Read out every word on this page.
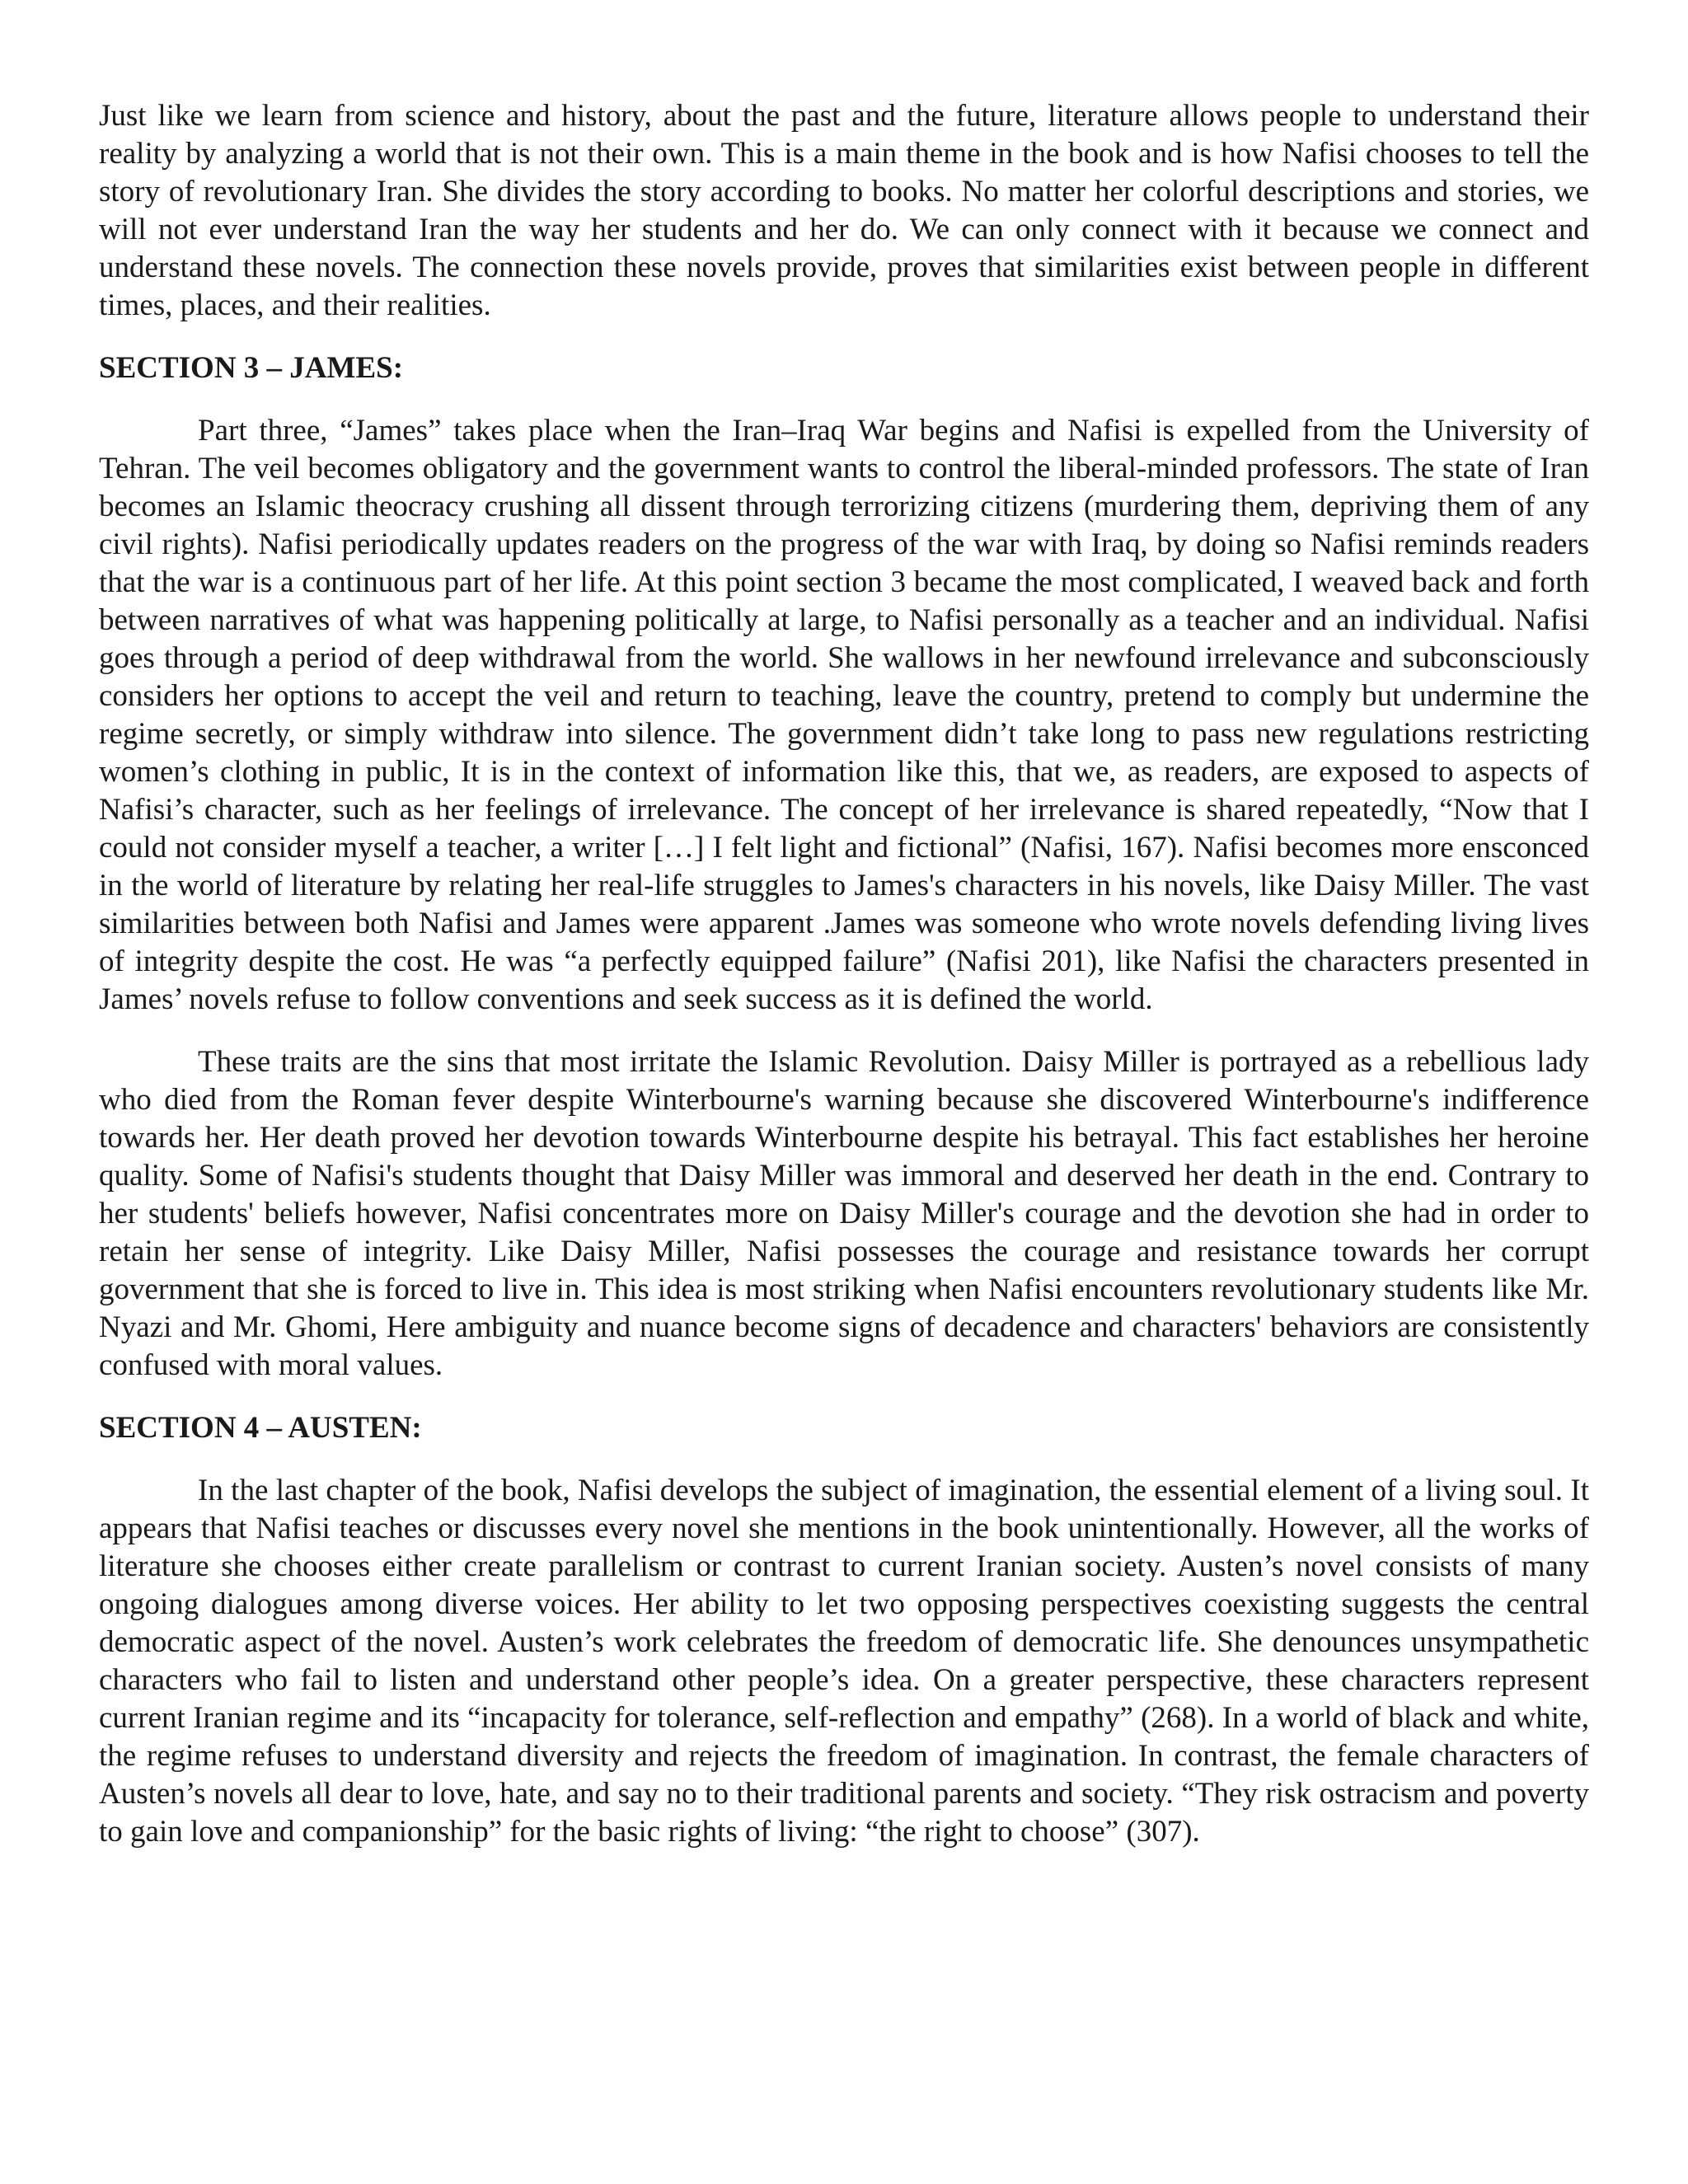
Just like we learn from science and history, about the past and the future, literature allows people to understand their reality by analyzing a world that is not their own. This is a main theme in the book and is how Nafisi chooses to tell the story of revolutionary Iran. She divides the story according to books. No matter her colorful descriptions and stories, we will not ever understand Iran the way her students and her do. We can only connect with it because we connect and understand these novels. The connection these novels provide, proves that similarities exist between people in different times, places, and their realities.

SECTION 3 – JAMES:

Part three, “James” takes place when the Iran–Iraq War begins and Nafisi is expelled from the University of Tehran. The veil becomes obligatory and the government wants to control the liberal-minded professors. The state of Iran becomes an Islamic theocracy crushing all dissent through terrorizing citizens (murdering them, depriving them of any civil rights). Nafisi periodically updates readers on the progress of the war with Iraq, by doing so Nafisi reminds readers that the war is a continuous part of her life. At this point section 3 became the most complicated, I weaved back and forth between narratives of what was happening politically at large, to Nafisi personally as a teacher and an individual. Nafisi goes through a period of deep withdrawal from the world. She wallows in her newfound irrelevance and subconsciously considers her options to accept the veil and return to teaching, leave the country, pretend to comply but undermine the regime secretly, or simply withdraw into silence. The government didn’t take long to pass new regulations restricting women’s clothing in public, It is in the context of information like this, that we, as readers, are exposed to aspects of Nafisi’s character, such as her feelings of irrelevance. The concept of her irrelevance is shared repeatedly, “Now that I could not consider myself a teacher, a writer […] I felt light and fictional” (Nafisi, 167). Nafisi becomes more ensconced in the world of literature by relating her real-life struggles to James's characters in his novels, like Daisy Miller. The vast similarities between both Nafisi and James were apparent .James was someone who wrote novels defending living lives of integrity despite the cost. He was “a perfectly equipped failure” (Nafisi 201), like Nafisi the characters presented in James’ novels refuse to follow conventions and seek success as it is defined the world.

These traits are the sins that most irritate the Islamic Revolution. Daisy Miller is portrayed as a rebellious lady who died from the Roman fever despite Winterbourne's warning because she discovered Winterbourne's indifference towards her. Her death proved her devotion towards Winterbourne despite his betrayal. This fact establishes her heroine quality. Some of Nafisi's students thought that Daisy Miller was immoral and deserved her death in the end. Contrary to her students' beliefs however, Nafisi concentrates more on Daisy Miller's courage and the devotion she had in order to retain her sense of integrity. Like Daisy Miller, Nafisi possesses the courage and resistance towards her corrupt government that she is forced to live in. This idea is most striking when Nafisi encounters revolutionary students like Mr. Nyazi and Mr. Ghomi, Here ambiguity and nuance become signs of decadence and characters' behaviors are consistently confused with moral values.

SECTION 4 – AUSTEN:

In the last chapter of the book, Nafisi develops the subject of imagination, the essential element of a living soul. It appears that Nafisi teaches or discusses every novel she mentions in the book unintentionally. However, all the works of literature she chooses either create parallelism or contrast to current Iranian society. Austen’s novel consists of many ongoing dialogues among diverse voices. Her ability to let two opposing perspectives coexisting suggests the central democratic aspect of the novel. Austen’s work celebrates the freedom of democratic life. She denounces unsympathetic characters who fail to listen and understand other people’s idea. On a greater perspective, these characters represent current Iranian regime and its “incapacity for tolerance, self-reflection and empathy” (268). In a world of black and white, the regime refuses to understand diversity and rejects the freedom of imagination. In contrast, the female characters of Austen’s novels all dear to love, hate, and say no to their traditional parents and society. “They risk ostracism and poverty to gain love and companionship” for the basic rights of living: “the right to choose” (307).
